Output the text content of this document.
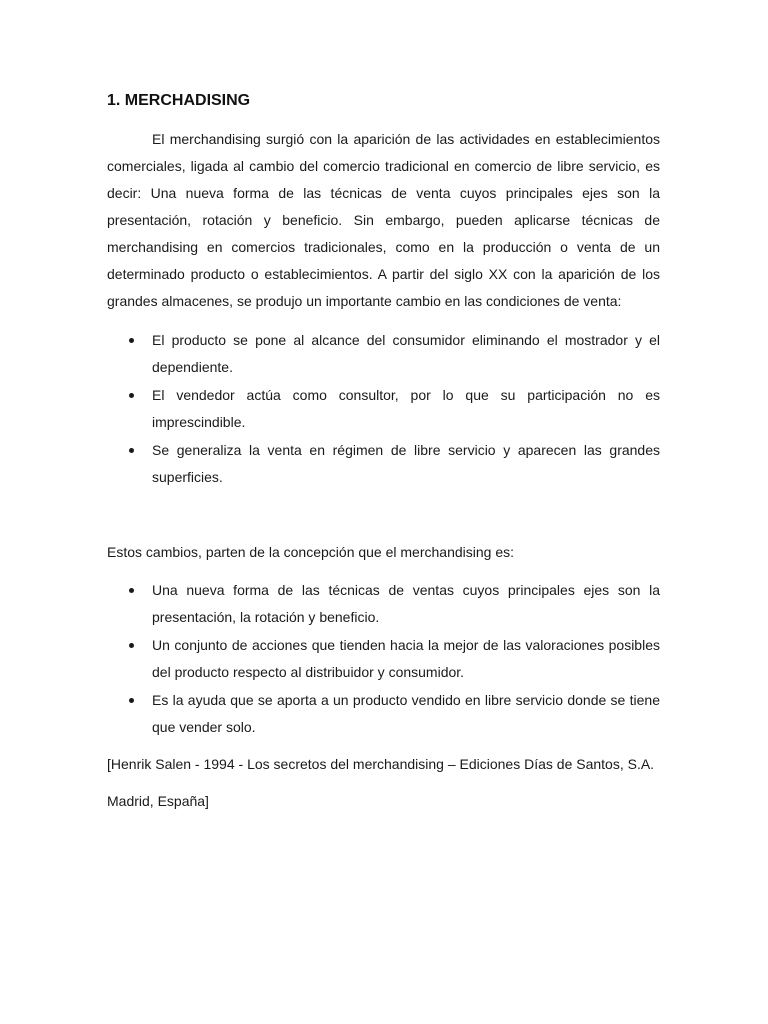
1. MERCHADISING

El merchandising surgió con la aparición de las actividades en establecimientos comerciales, ligada al cambio del comercio tradicional en comercio de libre servicio, es decir: Una nueva forma de las técnicas de venta cuyos principales ejes son la presentación, rotación y beneficio. Sin embargo, pueden aplicarse técnicas de merchandising en comercios tradicionales, como en la producción o venta de un determinado producto o establecimientos. A partir del siglo XX con la aparición de los grandes almacenes, se produjo un importante cambio en las condiciones de venta:

El producto se pone al alcance del consumidor eliminando el mostrador y el dependiente.
El vendedor actúa como consultor, por lo que su participación no es imprescindible.
Se generaliza la venta en régimen de libre servicio y aparecen las grandes superficies.

Estos cambios, parten de la concepción que el merchandising es:

Una nueva forma de las técnicas de ventas cuyos principales ejes son la presentación, la rotación y beneficio.
Un conjunto de acciones que tienden hacia la mejor de las valoraciones posibles del producto respecto al distribuidor y consumidor.
Es la ayuda que se aporta a un producto vendido en libre servicio donde se tiene que vender solo.

[Henrik Salen - 1994 - Los secretos del merchandising – Ediciones Días de Santos, S.A.

Madrid, España]
